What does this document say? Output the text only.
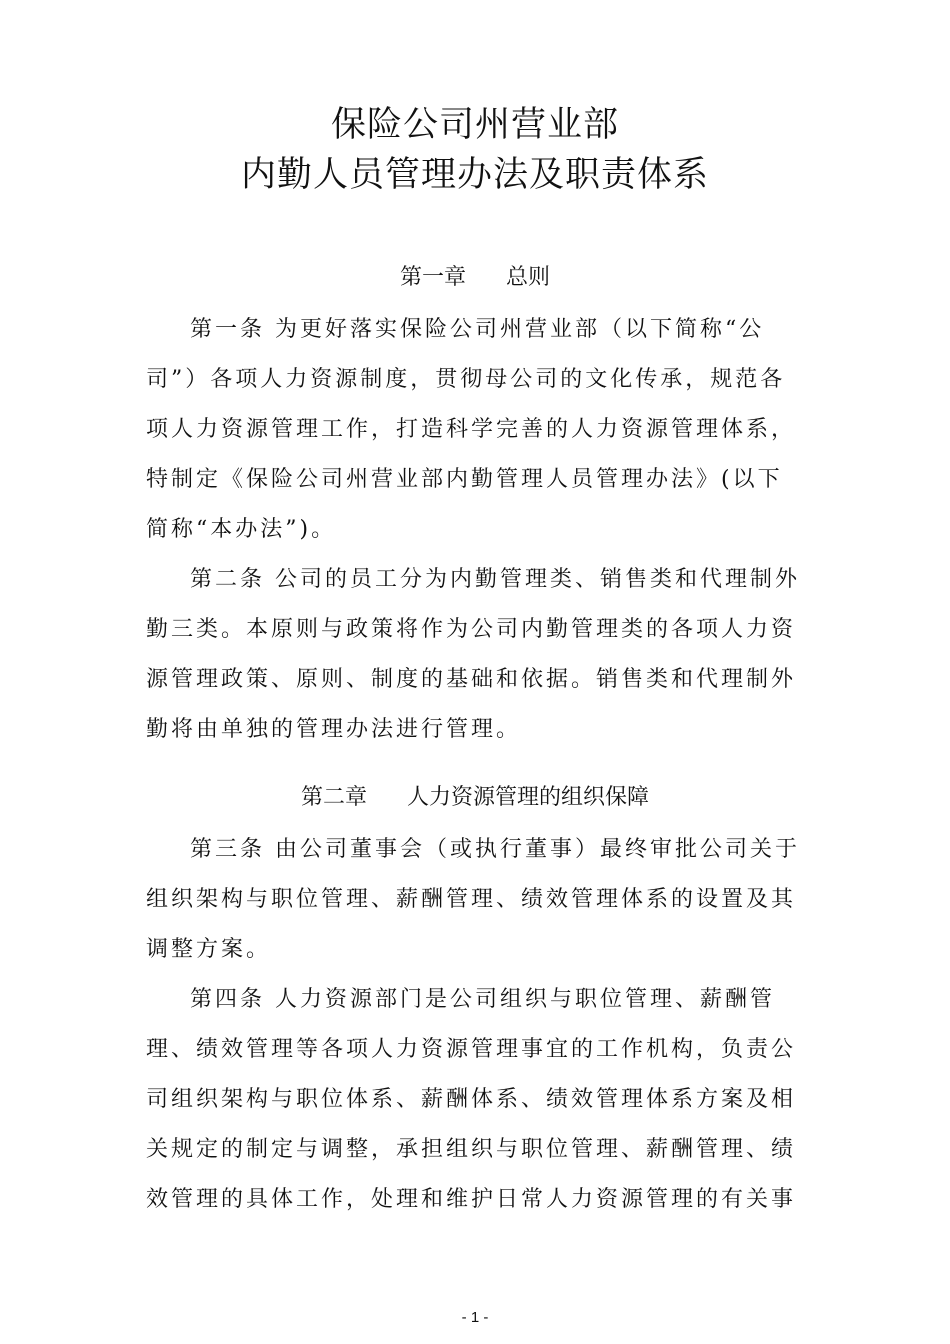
保险公司州营业部
内勤人员管理办法及职责体系
第一章 总则
第一条 为更好落实保险公司州营业部（以下简称“公
司”）各项人力资源制度，贯彻母公司的文化传承，规范各
项人力资源管理工作，打造科学完善的人力资源管理体系，
特制定《保险公司州营业部内勤管理人员管理办法》(以下
简称“本办法”)。
第二条 公司的员工分为内勤管理类、销售类和代理制外
勤三类。本原则与政策将作为公司内勤管理类的各项人力资
源管理政策、原则、制度的基础和依据。销售类和代理制外
勤将由单独的管理办法进行管理。
第二章 人力资源管理的组织保障
第三条 由公司董事会（或执行董事）最终审批公司关于
组织架构与职位管理、薪酬管理、绩效管理体系的设置及其
调整方案。
第四条 人力资源部门是公司组织与职位管理、薪酬管
理、绩效管理等各项人力资源管理事宜的工作机构，负责公
司组织架构与职位体系、薪酬体系、绩效管理体系方案及相
关规定的制定与调整，承担组织与职位管理、薪酬管理、绩
效管理的具体工作，处理和维护日常人力资源管理的有关事
- 1 -
